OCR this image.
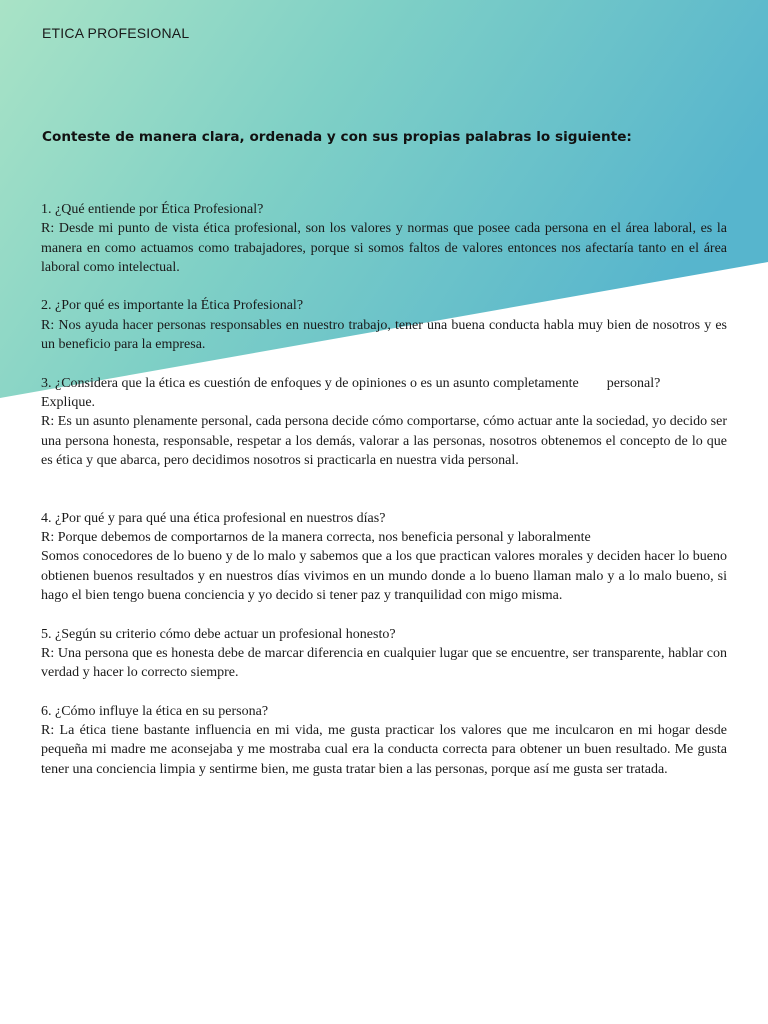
ETICA PROFESIONAL
Conteste de manera clara, ordenada y con sus propias palabras lo siguiente:

1. ¿Qué entiende por Ética Profesional?

R: Desde mi punto de vista ética profesional, son los valores y normas que posee cada persona en el área laboral, es la manera en como actuamos como trabajadores, porque si somos faltos de valores entonces nos afectaría tanto en el área laboral como intelectual.

2. ¿Por qué es importante la Ética Profesional?

R: Nos ayuda hacer personas responsables en nuestro trabajo, tener una buena conducta habla muy bien de nosotros y es un beneficio para la empresa.

3. ¿Considera que la ética es cuestión de enfoques y de opiniones o es un asunto completamente personal?

Explique.

R: Es un asunto plenamente personal, cada persona decide cómo comportarse, cómo actuar ante la sociedad, yo decido ser una persona honesta, responsable, respetar a los demás, valorar a las personas, nosotros obtenemos el concepto de lo que es ética y que abarca, pero decidimos nosotros si practicarla en nuestra vida personal.

4. ¿Por qué y para qué una ética profesional en nuestros días?

R: Porque debemos de comportarnos de la manera correcta, nos beneficia personal y laboralmente

Somos conocedores de lo bueno y de lo malo y sabemos que a los que practican valores morales y deciden hacer lo bueno obtienen buenos resultados y en nuestros días vivimos en un mundo donde a lo bueno llaman malo y a lo malo bueno, si hago el bien tengo buena conciencia y yo decido si tener paz y tranquilidad con migo misma.

5. ¿Según su criterio cómo debe actuar un profesional honesto?

R: Una persona que es honesta debe de marcar diferencia en cualquier lugar que se encuentre, ser transparente, hablar con verdad y hacer lo correcto siempre.

6. ¿Cómo influye la ética en su persona?

R: La ética tiene bastante influencia en mi vida, me gusta practicar los valores que me inculcaron en mi hogar desde pequeña mi madre me aconsejaba y me mostraba cual era la conducta correcta para obtener un buen resultado. Me gusta tener una conciencia limpia y sentirme bien, me gusta tratar bien a las personas, porque así me gusta ser tratada.
